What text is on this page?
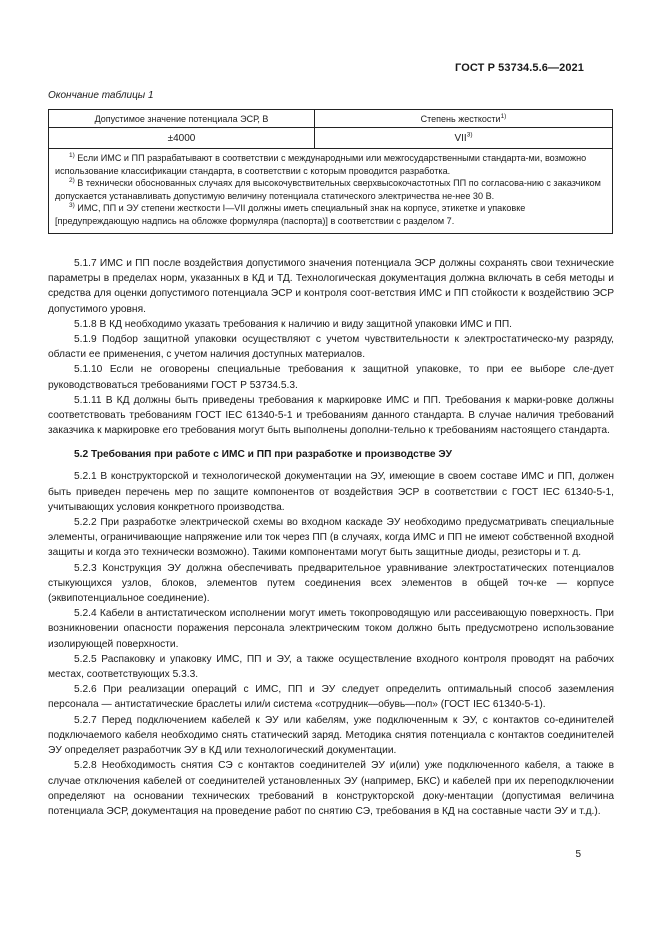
ГОСТ Р 53734.5.6—2021
Окончание таблицы 1
Допустимое значение потенциала ЭСР, В	Степень жесткости$^{1)}$
±4000	VII$^{3)}$

$^{1)}$ Если ИМС и ПП разрабатывают в соответствии с международными или межгосударственными стандарта-ми, возможно использование классификации стандарта, в соответствии с которым проводится разработка.

$^{2)}$ В технически обоснованных случаях для высокочувствительных сверхвысокочастотных ПП по согласова-нию с заказчиком допускается устанавливать допустимую величину потенциала статического электричества не-нее 30 В.

$^{3)}$ ИМС, ПП и ЭУ степени жесткости I—VII должны иметь специальный знак на корпусе, этикетке и упаковке [предупреждающую надпись на обложке формуляра (паспорта)] в соответствии с разделом 7.

5.1.7 ИМС и ПП после воздействия допустимого значения потенциала ЭСР должны сохранять свои технические параметры в пределах норм, указанных в КД и ТД. Технологическая документация должна включать в себя методы и средства для оценки допустимого потенциала ЭСР и контроля соот-ветствия ИМС и ПП стойкости к воздействию ЭСР допустимого уровня.

5.1.8 В КД необходимо указать требования к наличию и виду защитной упаковки ИМС и ПП.

5.1.9 Подбор защитной упаковки осуществляют с учетом чувствительности к электростатическо-му разряду, области ее применения, с учетом наличия доступных материалов.

5.1.10 Если не оговорены специальные требования к защитной упаковке, то при ее выборе сле-дует руководствоваться требованиями ГОСТ Р 53734.5.3.

5.1.11 В КД должны быть приведены требования к маркировке ИМС и ПП. Требования к марки-ровке должны соответствовать требованиям ГОСТ IEC 61340-5-1 и требованиям данного стандарта. В случае наличия требований заказчика к маркировке его требования могут быть выполнены дополни-тельно к требованиям настоящего стандарта.

5.2 Требования при работе с ИМС и ПП при разработке и производстве ЭУ

5.2.1 В конструкторской и технологической документации на ЭУ, имеющие в своем составе ИМС и ПП, должен быть приведен перечень мер по защите компонентов от воздействия ЭСР в соответствии с ГОСТ IEC 61340-5-1, учитывающих условия конкретного производства.

5.2.2 При разработке электрической схемы во входном каскаде ЭУ необходимо предусматривать специальные элементы, ограничивающие напряжение или ток через ПП (в случаях, когда ИМС и ПП не имеют собственной входной защиты и когда это технически возможно). Такими компонентами могут быть защитные диоды, резисторы и т. д.

5.2.3 Конструкция ЭУ должна обеспечивать предварительное уравнивание электростатических потенциалов стыкующихся узлов, блоков, элементов путем соединения всех элементов в общей точ-ке — корпусе (эквипотенциальное соединение).

5.2.4 Кабели в антистатическом исполнении могут иметь токопроводящую или рассеивающую поверхность. При возникновении опасности поражения персонала электрическим током должно быть предусмотрено использование изолирующей поверхности.

5.2.5 Распаковку и упаковку ИМС, ПП и ЭУ, а также осуществление входного контроля проводят на рабочих местах, соответствующих 5.3.3.

5.2.6 При реализации операций с ИМС, ПП и ЭУ следует определить оптимальный способ заземления персонала — антистатические браслеты или/и система «сотрудник—обувь—пол» (ГОСТ IEC 61340-5-1).

5.2.7 Перед подключением кабелей к ЭУ или кабелям, уже подключенным к ЭУ, с контактов со-единителей подключаемого кабеля необходимо снять статический заряд. Методика снятия потенциала с контактов соединителей ЭУ определяет разработчик ЭУ в КД или технологический документации.

5.2.8 Необходимость снятия СЭ с контактов соединителей ЭУ и(или) уже подключенного кабеля, а также в случае отключения кабелей от соединителей установленных ЭУ (например, БКС) и кабелей при их переподключении определяют на основании технических требований в конструкторской доку-ментации (допустимая величина потенциала ЭСР, документация на проведение работ по снятию СЭ, требования в КД на составные части ЭУ и т.д.).

5
